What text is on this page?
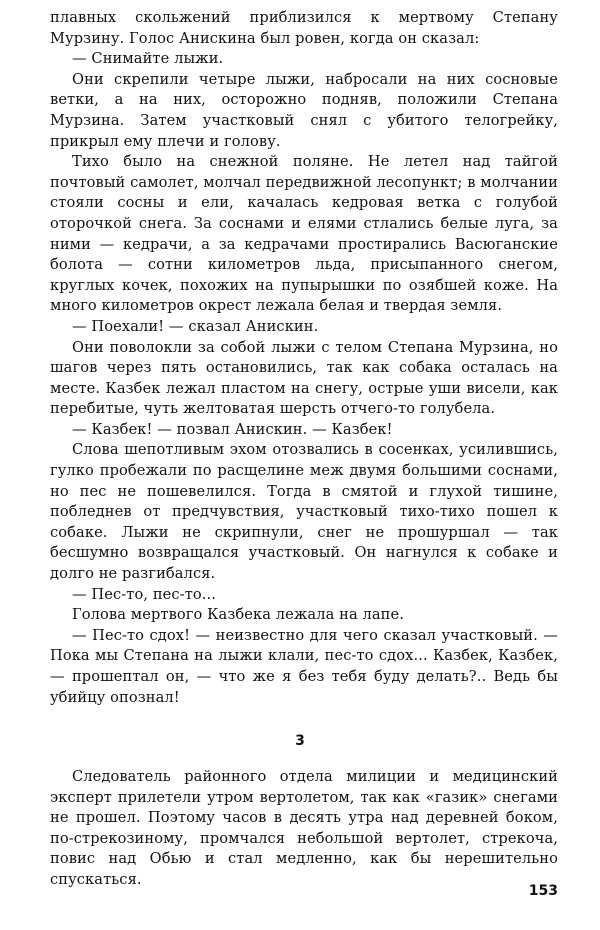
плавных скольжений приблизился к мертвому Степану Мурзину. Голос Анискина был ровен, когда он сказал:

— Снимайте лыжи.

Они скрепили четыре лыжи, набросали на них сосновые ветки, а на них, осторожно подняв, положили Степана Мурзина. Затем участковый снял с убитого телогрейку, прикрыл ему плечи и голову.

Тихо было на снежной поляне. Не летел над тайгой почтовый самолет, молчал передвижной лесопункт; в молчании стояли сосны и ели, качалась кедровая ветка с голубой оторочкой снега. За соснами и елями стлались белые луга, за ними — кедрачи, а за кедрачами простирались Васюганские болота — сотни километров льда, присыпанного снегом, круглых кочек, похожих на пупырышки по озябшей коже. На много километров окрест лежала белая и твердая земля.

— Поехали! — сказал Анискин.

Они поволокли за собой лыжи с телом Степана Мурзина, но шагов через пять остановились, так как собака осталась на месте. Казбек лежал пластом на снегу, острые уши висели, как перебитые, чуть желтоватая шерсть отчего-то голубела.

— Казбек! — позвал Анискин. — Казбек!

Слова шепотливым эхом отозвались в сосенках, усилившись, гулко пробежали по расщелине меж двумя большими соснами, но пес не пошевелился. Тогда в смятой и глухой тишине, побледнев от предчувствия, участковый тихо-тихо пошел к собаке. Лыжи не скрипнули, снег не прошуршал — так бесшумно возвращался участковый. Он нагнулся к собаке и долго не разгибался.

— Пес-то, пес-то...

Голова мертвого Казбека лежала на лапе.

— Пес-то сдох! — неизвестно для чего сказал участковый. — Пока мы Степана на лыжи клали, пес-то сдох... Казбек, Казбек, — прошептал он, — что же я без тебя буду делать?.. Ведь бы убийцу опознал!

3

Следователь районного отдела милиции и медицинский эксперт прилетели утром вертолетом, так как «газик» снегами не прошел. Поэтому часов в десять утра над деревней боком, по-стрекозиному, промчался небольшой вертолет, стрекоча, повис над Обью и стал медленно, как бы нерешительно спускаться.

153
